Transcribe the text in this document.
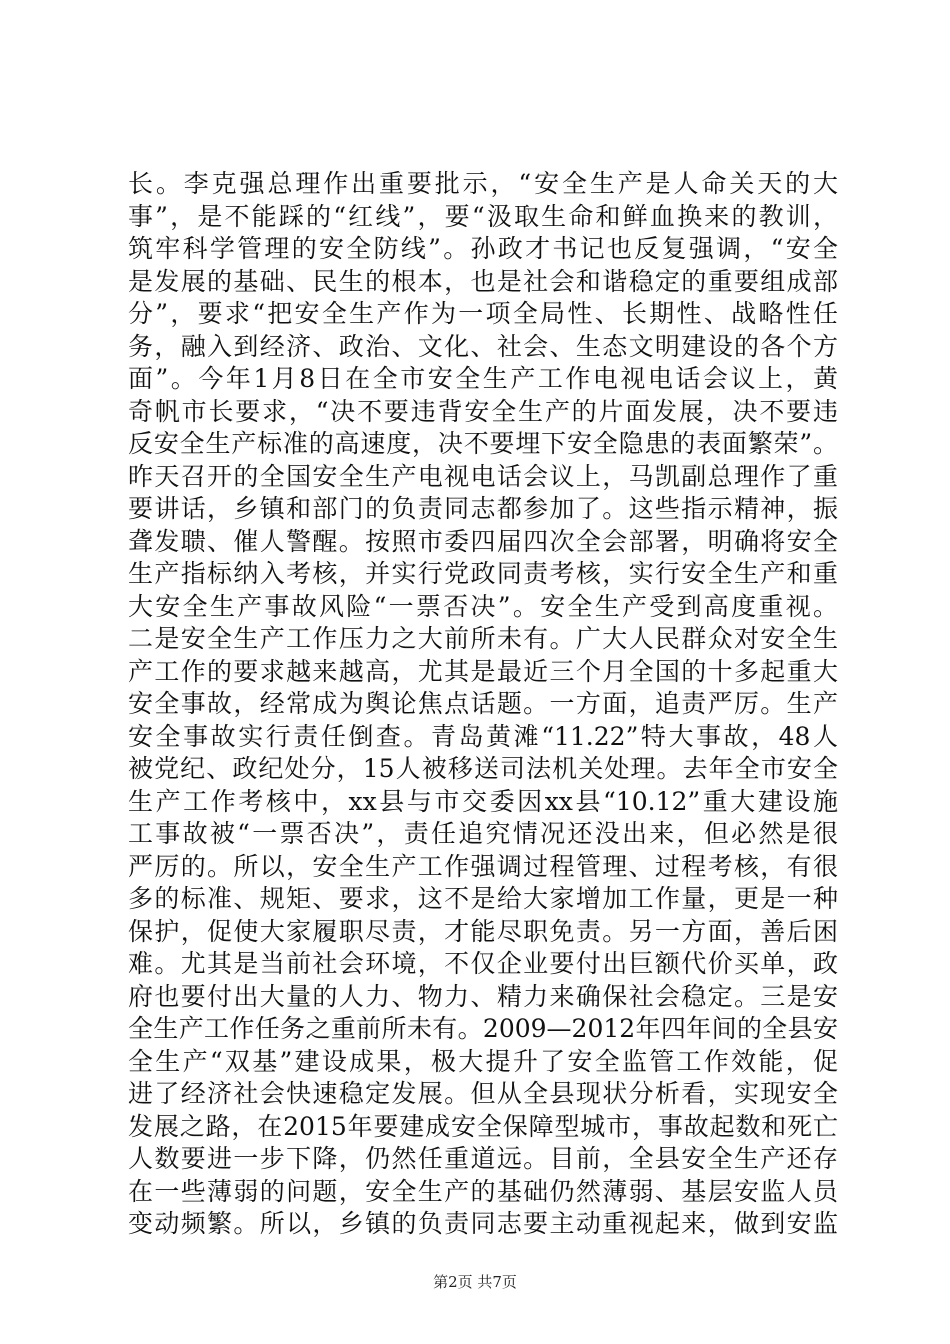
长。李克强总理作出重要批示，“安全生产是人命关天的大
事”，是不能踩的“红线”，要“汲取生命和鲜血换来的教训，
筑牢科学管理的安全防线”。孙政才书记也反复强调，“安全
是发展的基础、民生的根本，也是社会和谐稳定的重要组成部
分”，要求“把安全生产作为一项全局性、长期性、战略性任
务，融入到经济、政治、文化、社会、生态文明建设的各个方
面”。今年1月8日在全市安全生产工作电视电话会议上，黄
奇帆市长要求，“决不要违背安全生产的片面发展，决不要违
反安全生产标准的高速度，决不要埋下安全隐患的表面繁荣”。
昨天召开的全国安全生产电视电话会议上，马凯副总理作了重
要讲话，乡镇和部门的负责同志都参加了。这些指示精神，振
聋发聩、催人警醒。按照市委四届四次全会部署，明确将安全
生产指标纳入考核，并实行党政同责考核，实行安全生产和重
大安全生产事故风险“一票否决”。安全生产受到高度重视。
二是安全生产工作压力之大前所未有。广大人民群众对安全生
产工作的要求越来越高，尤其是最近三个月全国的十多起重大
安全事故，经常成为舆论焦点话题。一方面，追责严厉。生产
安全事故实行责任倒查。青岛黄滩“11.22”特大事故，48人
被党纪、政纪处分，15人被移送司法机关处理。去年全市安全
生产工作考核中，xx县与市交委因xx县“10.12”重大建设施
工事故被“一票否决”，责任追究情况还没出来，但必然是很
严厉的。所以，安全生产工作强调过程管理、过程考核，有很
多的标准、规矩、要求，这不是给大家增加工作量，更是一种
保护，促使大家履职尽责，才能尽职免责。另一方面，善后困
难。尤其是当前社会环境，不仅企业要付出巨额代价买单，政
府也要付出大量的人力、物力、精力来确保社会稳定。三是安
全生产工作任务之重前所未有。2009—2012年四年间的全县安
全生产“双基”建设成果，极大提升了安全监管工作效能，促
进了经济社会快速稳定发展。但从全县现状分析看，实现安全
发展之路，在2015年要建成安全保障型城市，事故起数和死亡
人数要进一步下降，仍然任重道远。目前，全县安全生产还存
在一些薄弱的问题，安全生产的基础仍然薄弱、基层安监人员
变动频繁。所以，乡镇的负责同志要主动重视起来，做到安监
第2页 共7页
